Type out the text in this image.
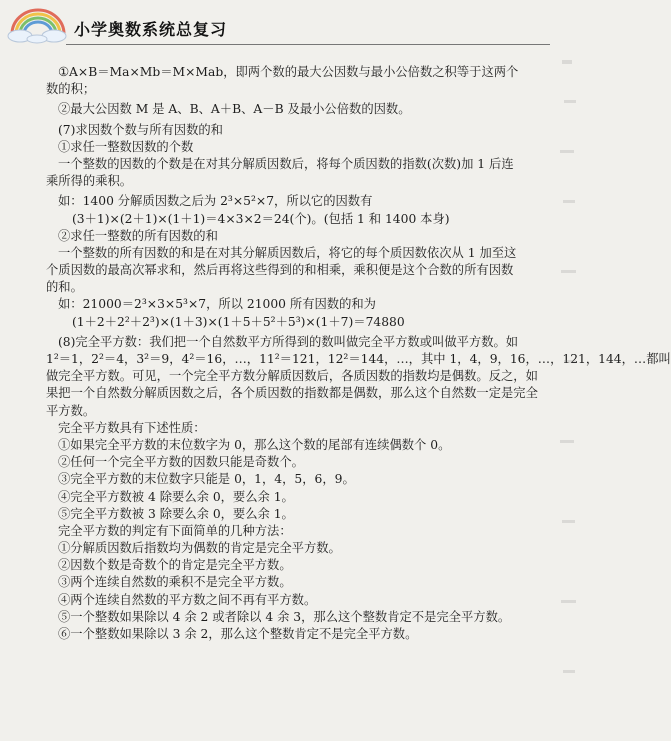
小学奥数系统总复习
①A×B＝Ma×Mb＝M×Mab，即两个数的最大公因数与最小公倍数之积等于这两个
数的积；
②最大公因数 M 是 A、B、A＋B、A－B 及最小公倍数的因数。
(7)求因数个数与所有因数的和
①求任一整数因数的个数
一个整数的因数的个数是在对其分解质因数后，将每个质因数的指数(次数)加 1 后连
乘所得的乘积。
如：1400 分解质因数之后为 2³×5²×7，所以它的因数有
(3＋1)×(2＋1)×(1＋1)＝4×3×2＝24(个)。(包括 1 和 1400 本身)
②求任一整数的所有因数的和
一个整数的所有因数的和是在对其分解质因数后，将它的每个质因数依次从 1 加至这
个质因数的最高次幂求和，然后再将这些得到的和相乘，乘积便是这个合数的所有因数
的和。
如：21000＝2³×3×5³×7，所以 21000 所有因数的和为
(1＋2＋2²＋2³)×(1＋3)×(1＋5＋5²＋5³)×(1＋7)＝74880
(8)完全平方数：我们把一个自然数平方所得到的数叫做完全平方数或叫做平方数。如
1²＝1，2²＝4，3²＝9，4²＝16，…，11²＝121，12²＝144，…，其中 1，4，9，16，…，121，144，…都叫
做完全平方数。可见，一个完全平方数分解质因数后，各质因数的指数均是偶数。反之，如
果把一个自然数分解质因数之后，各个质因数的指数都是偶数，那么这个自然数一定是完全
平方数。
完全平方数具有下述性质：
①如果完全平方数的末位数字为 0，那么这个数的尾部有连续偶数个 0。
②任何一个完全平方数的因数只能是奇数个。
③完全平方数的末位数字只能是 0，1，4，5，6，9。
④完全平方数被 4 除要么余 0，要么余 1。
⑤完全平方数被 3 除要么余 0，要么余 1。
完全平方数的判定有下面简单的几种方法：
①分解质因数后指数均为偶数的肯定是完全平方数。
②因数个数是奇数个的肯定是完全平方数。
③两个连续自然数的乘积不是完全平方数。
④两个连续自然数的平方数之间不再有平方数。
⑤一个整数如果除以 4 余 2 或者除以 4 余 3，那么这个整数肯定不是完全平方数。
⑥一个整数如果除以 3 余 2，那么这个整数肯定不是完全平方数。
